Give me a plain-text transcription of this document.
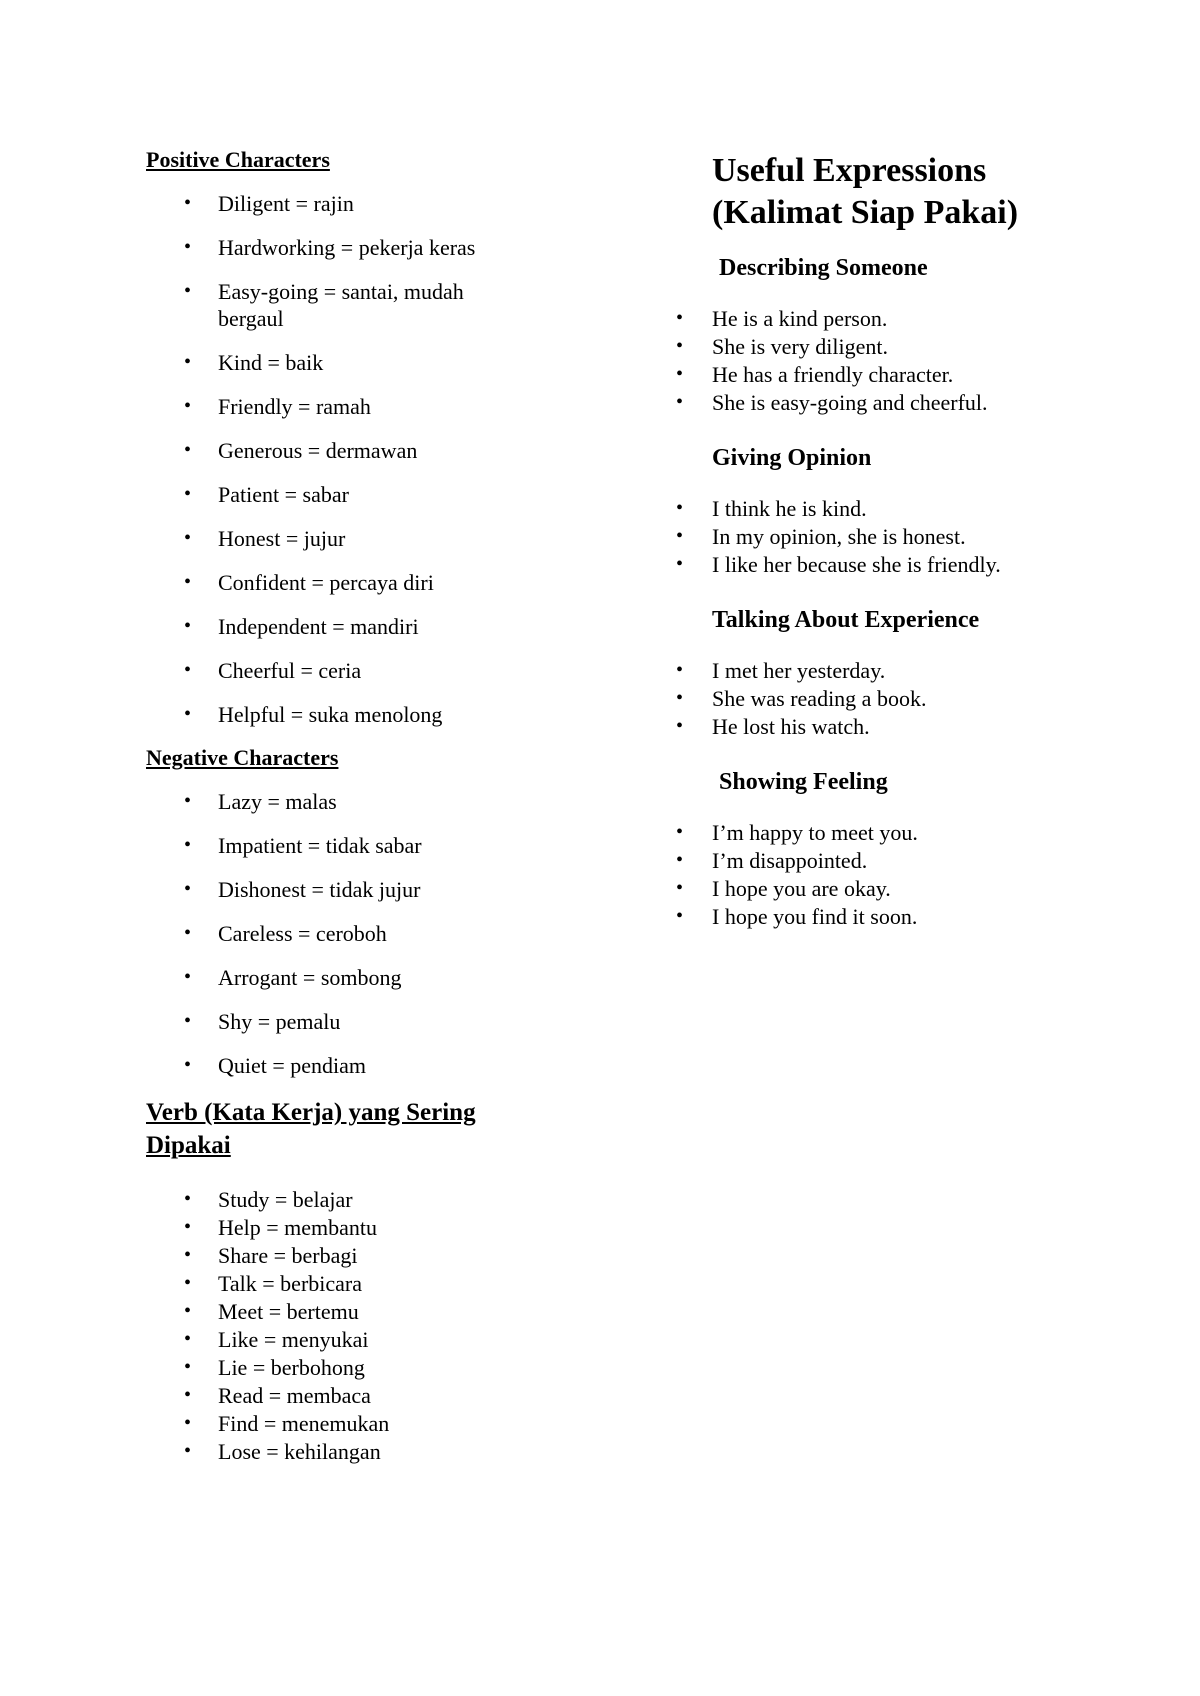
Positive Characters
• Diligent = rajin
• Hardworking = pekerja keras
• Easy-going = santai, mudah bergaul
• Kind = baik
• Friendly = ramah
• Generous = dermawan
• Patient = sabar
• Honest = jujur
• Confident = percaya diri
• Independent = mandiri
• Cheerful = ceria
• Helpful = suka menolong
Negative Characters
• Lazy = malas
• Impatient = tidak sabar
• Dishonest = tidak jujur
• Careless = ceroboh
• Arrogant = sombong
• Shy = pemalu
• Quiet = pendiam
Verb (Kata Kerja) yang Sering Dipakai
• Study = belajar
• Help = membantu
• Share = berbagi
• Talk = berbicara
• Meet = bertemu
• Like = menyukai
• Lie = berbohong
• Read = membaca
• Find = menemukan
• Lose = kehilangan
Useful Expressions (Kalimat Siap Pakai)
Describing Someone
• He is a kind person.
• She is very diligent.
• He has a friendly character.
• She is easy-going and cheerful.
Giving Opinion
• I think he is kind.
• In my opinion, she is honest.
• I like her because she is friendly.
Talking About Experience
• I met her yesterday.
• She was reading a book.
• He lost his watch.
Showing Feeling
• I’m happy to meet you.
• I’m disappointed.
• I hope you are okay.
• I hope you find it soon.
